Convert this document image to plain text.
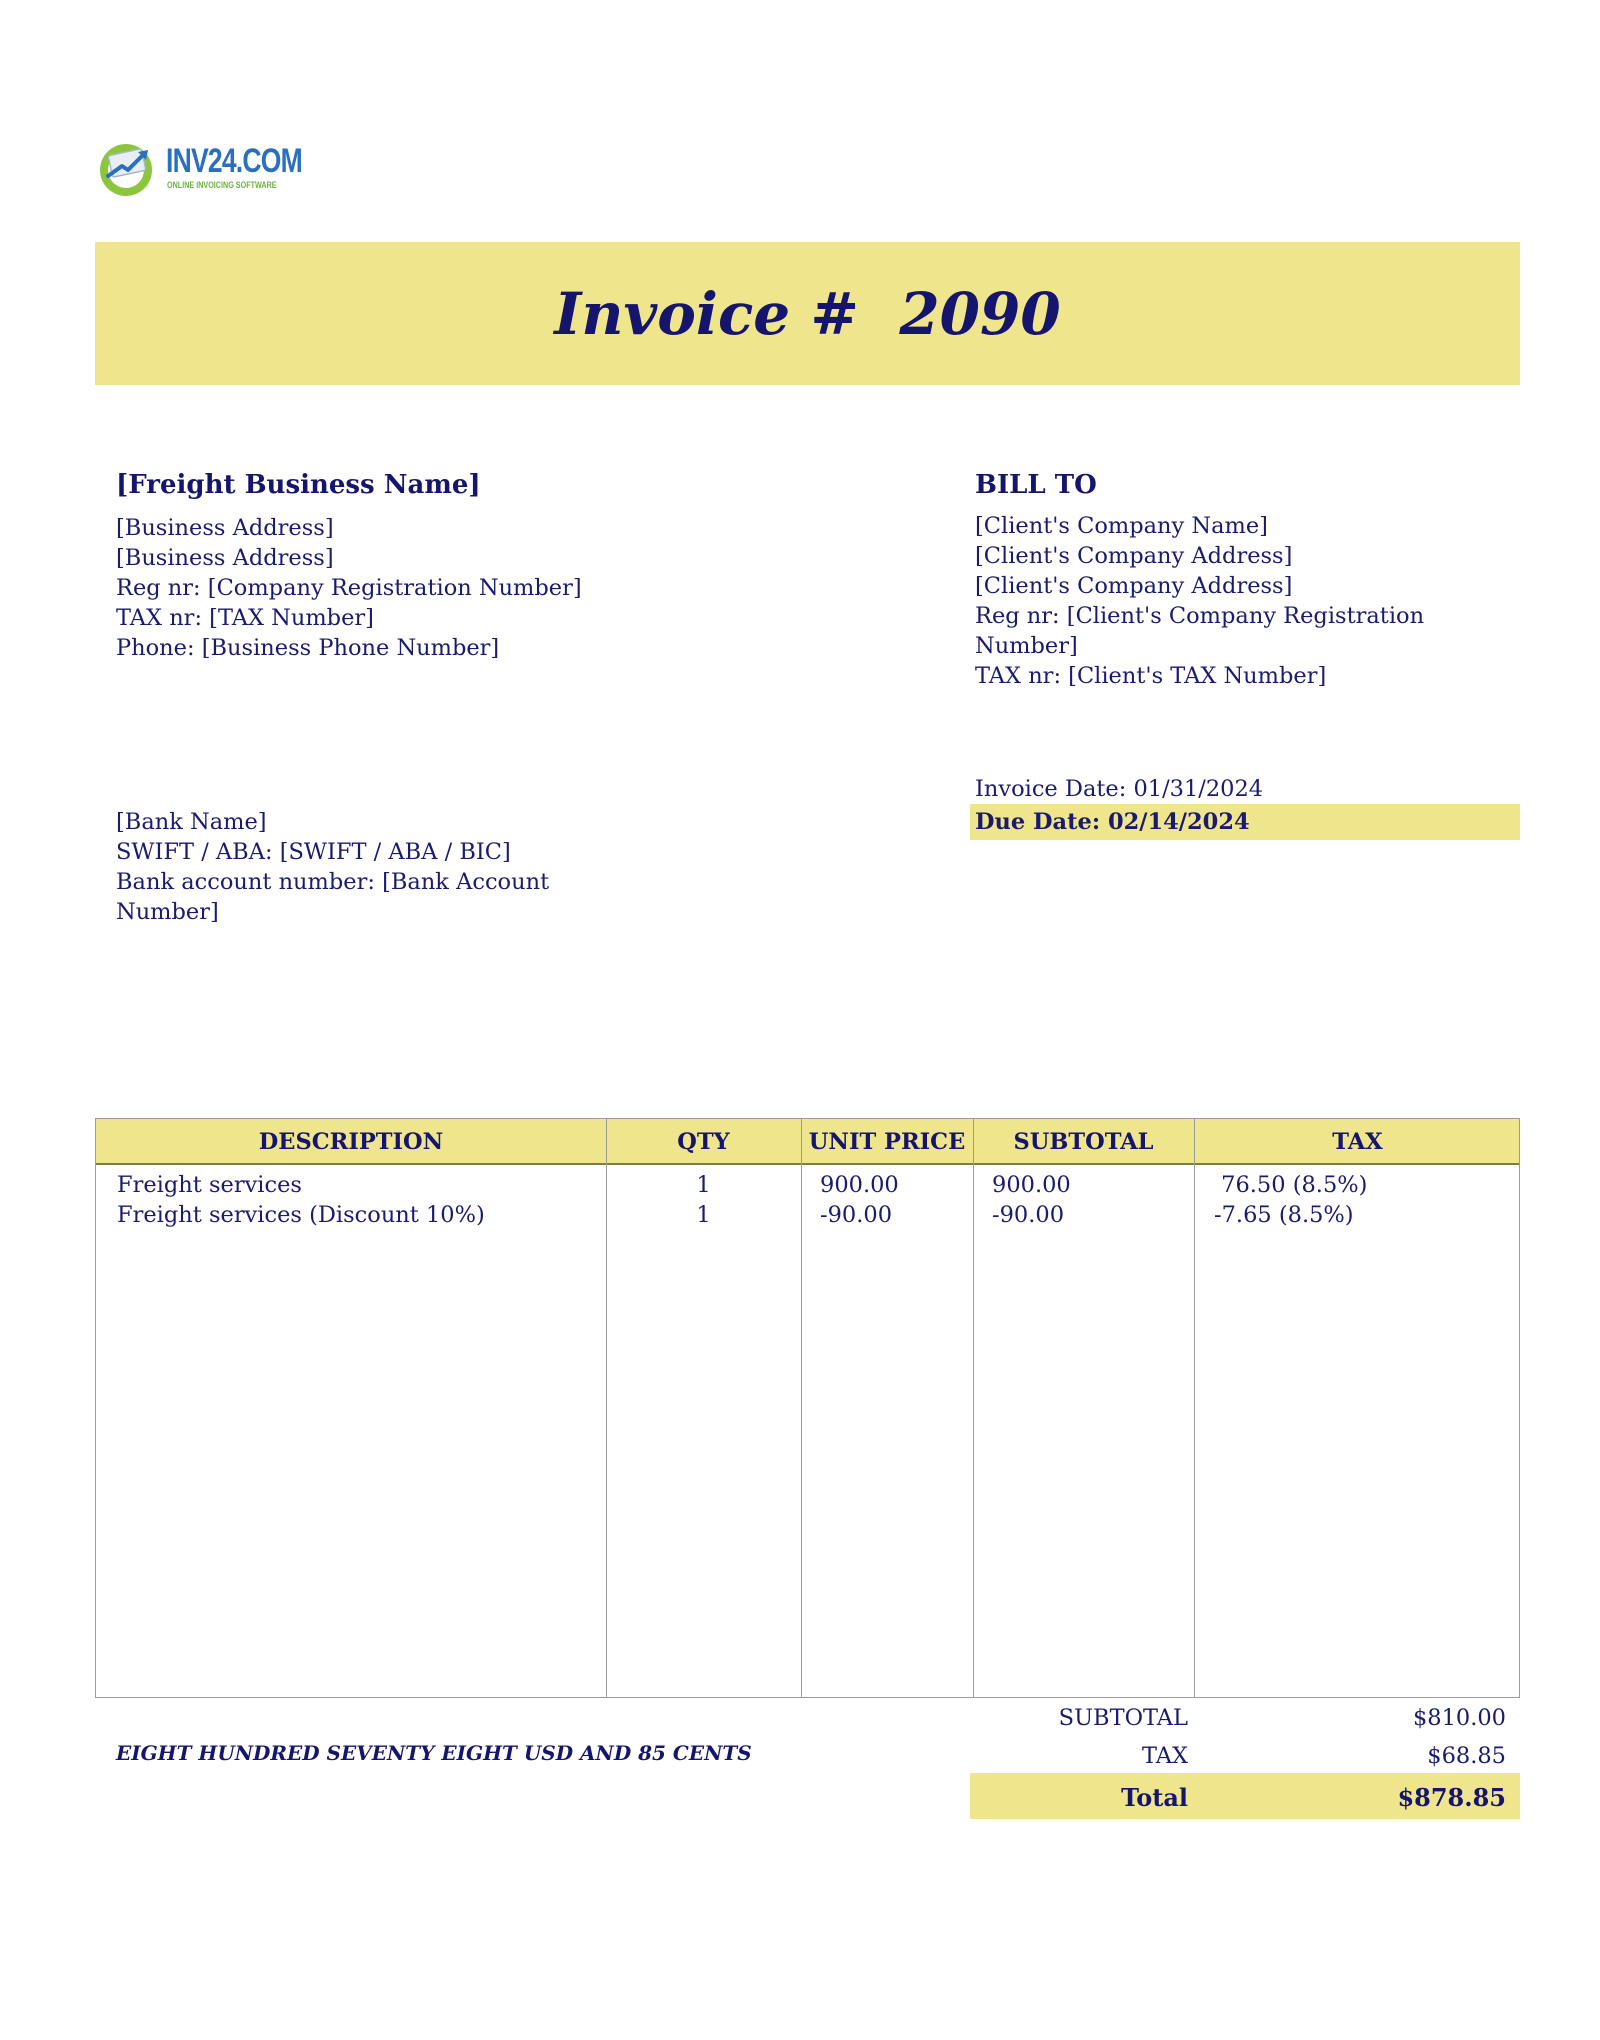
INV24.COM
ONLINE INVOICING SOFTWARE
Invoice #  2090
[Freight Business Name]
[Business Address]
[Business Address]
Reg nr: [Company Registration Number]
TAX nr: [TAX Number]
Phone: [Business Phone Number]
BILL TO
[Client's Company Name]
[Client's Company Address]
[Client's Company Address]
Reg nr: [Client's Company Registration
Number]
TAX nr: [Client's TAX Number]
[Bank Name]
SWIFT / ABA: [SWIFT / ABA / BIC]
Bank account number: [Bank Account
Number]
Invoice Date: 01/31/2024
Due Date: 02/14/2024
DESCRIPTION	QTY	UNIT PRICE	SUBTOTAL	TAX
Freight services	1	900.00	900.00	76.50 (8.5%)
Freight services (Discount 10%)	1	-90.00	-90.00	-7.65 (8.5%)
SUBTOTAL	$810.00
TAX	$68.85
Total	$878.85
EIGHT HUNDRED SEVENTY EIGHT USD AND 85 CENTS
